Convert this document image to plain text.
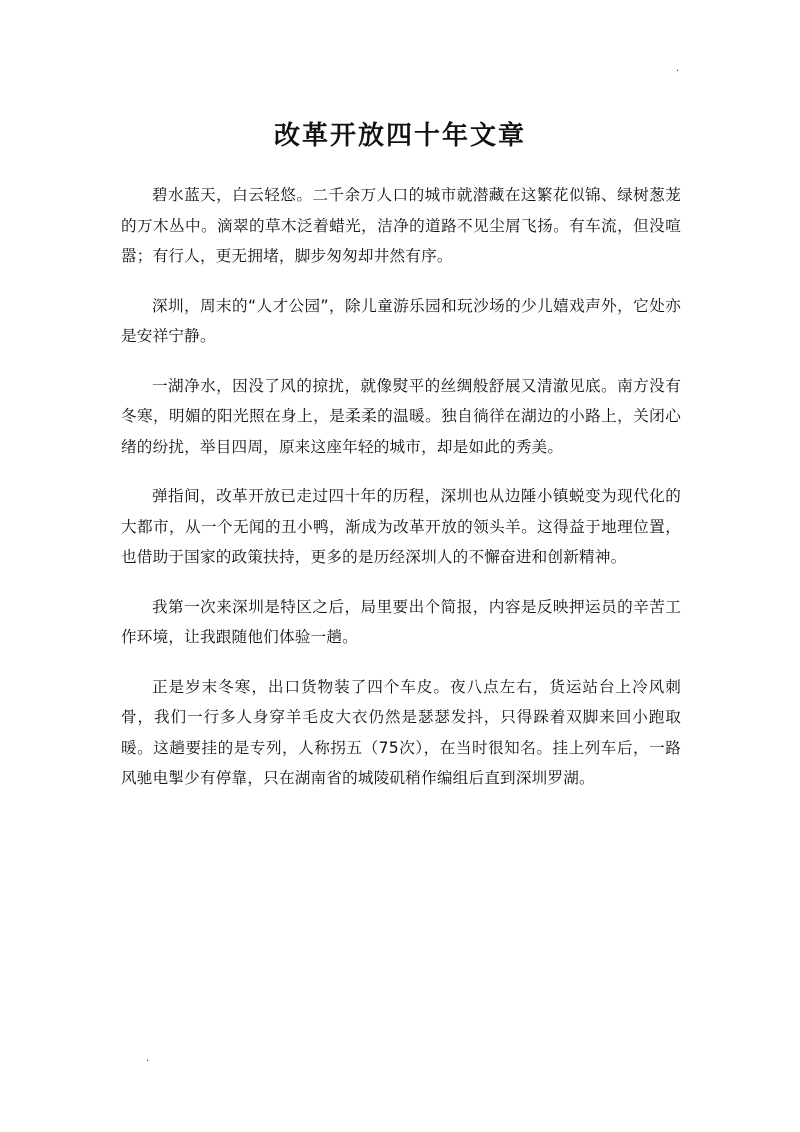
.
改革开放四十年文章

碧水蓝天，白云轻悠。二千余万人口的城市就潜藏在这繁花似锦、绿树葱茏的万木丛中。滴翠的草木泛着蜡光，洁净的道路不见尘屑飞扬。有车流，但没喧嚣；有行人，更无拥堵，脚步匆匆却井然有序。

深圳，周末的“人才公园”，除儿童游乐园和玩沙场的少儿嬉戏声外，它处亦是安祥宁静。

一湖净水，因没了风的掠扰，就像熨平的丝绸般舒展又清澈见底。南方没有冬寒，明媚的阳光照在身上，是柔柔的温暖。独自徜徉在湖边的小路上，关闭心绪的纷扰，举目四周，原来这座年轻的城市，却是如此的秀美。

弹指间，改革开放已走过四十年的历程，深圳也从边陲小镇蜕变为现代化的大都市，从一个无闻的丑小鸭，渐成为改革开放的领头羊。这得益于地理位置，也借助于国家的政策扶持，更多的是历经深圳人的不懈奋进和创新精神。

我第一次来深圳是特区之后，局里要出个简报，内容是反映押运员的辛苦工作环境，让我跟随他们体验一趟。

正是岁末冬寒，出口货物装了四个车皮。夜八点左右，货运站台上冷风刺骨，我们一行多人身穿羊毛皮大衣仍然是瑟瑟发抖，只得跺着双脚来回小跑取暖。这趟要挂的是专列，人称拐五（75次），在当时很知名。挂上列车后，一路风驰电掣少有停靠，只在湖南省的城陵矶稍作编组后直到深圳罗湖。

.
